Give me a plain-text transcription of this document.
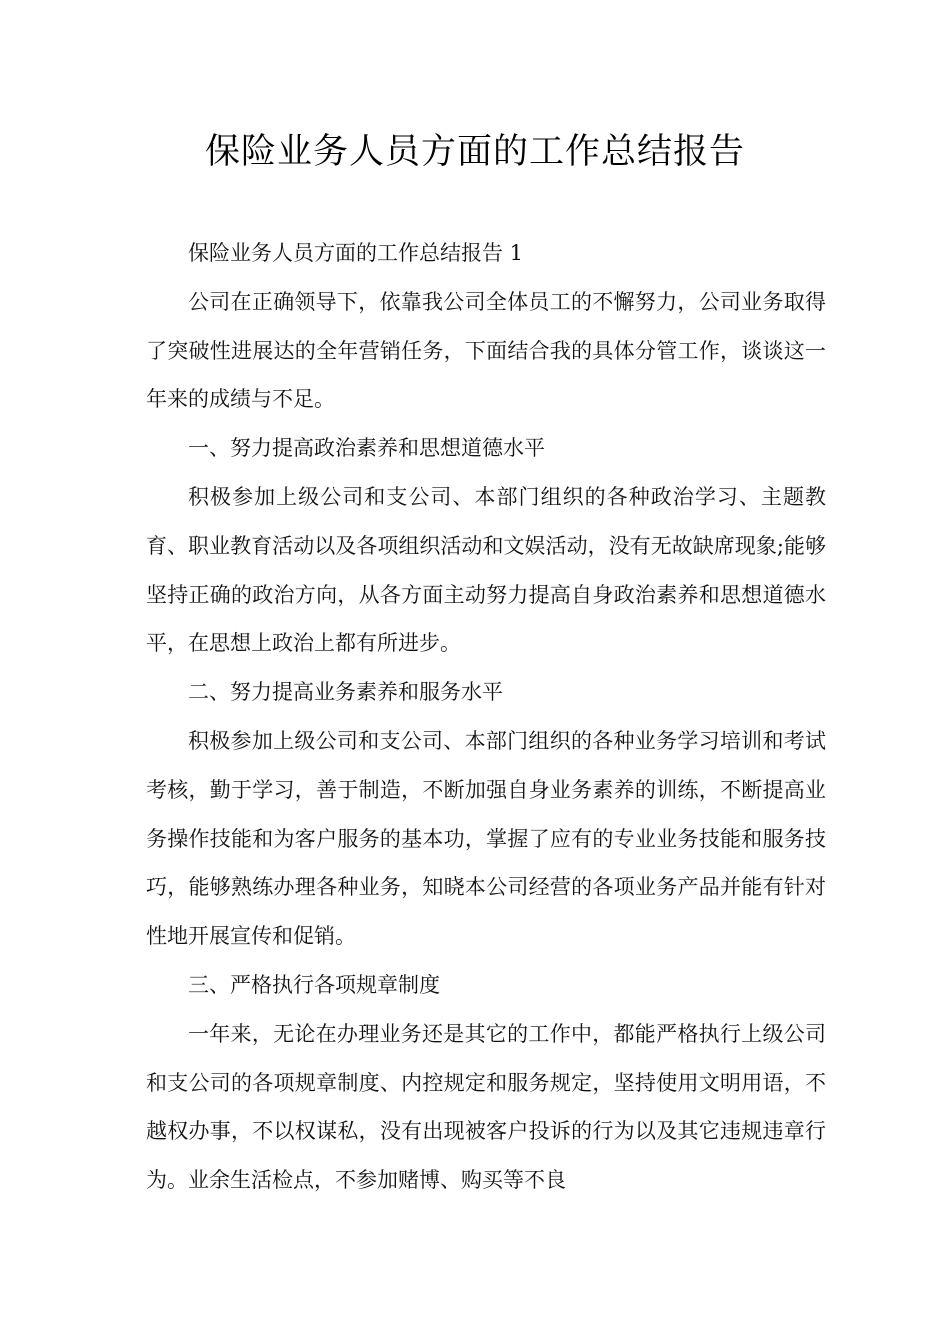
保险业务人员方面的工作总结报告

保险业务人员方面的工作总结报告 1

公司在正确领导下，依靠我公司全体员工的不懈努力，公司业务取得了突破性进展达的全年营销任务，下面结合我的具体分管工作，谈谈这一年来的成绩与不足。

一、努力提高政治素养和思想道德水平

积极参加上级公司和支公司、本部门组织的各种政治学习、主题教育、职业教育活动以及各项组织活动和文娱活动，没有无故缺席现象;能够坚持正确的政治方向，从各方面主动努力提高自身政治素养和思想道德水平，在思想上政治上都有所进步。

二、努力提高业务素养和服务水平

积极参加上级公司和支公司、本部门组织的各种业务学习培训和考试考核，勤于学习，善于制造，不断加强自身业务素养的训练，不断提高业务操作技能和为客户服务的基本功，掌握了应有的专业业务技能和服务技巧，能够熟练办理各种业务，知晓本公司经营的各项业务产品并能有针对性地开展宣传和促销。

三、严格执行各项规章制度

一年来，无论在办理业务还是其它的工作中，都能严格执行上级公司和支公司的各项规章制度、内控规定和服务规定，坚持使用文明用语，不越权办事，不以权谋私，没有出现被客户投诉的行为以及其它违规违章行为。业余生活检点，不参加赌博、购买等不良
